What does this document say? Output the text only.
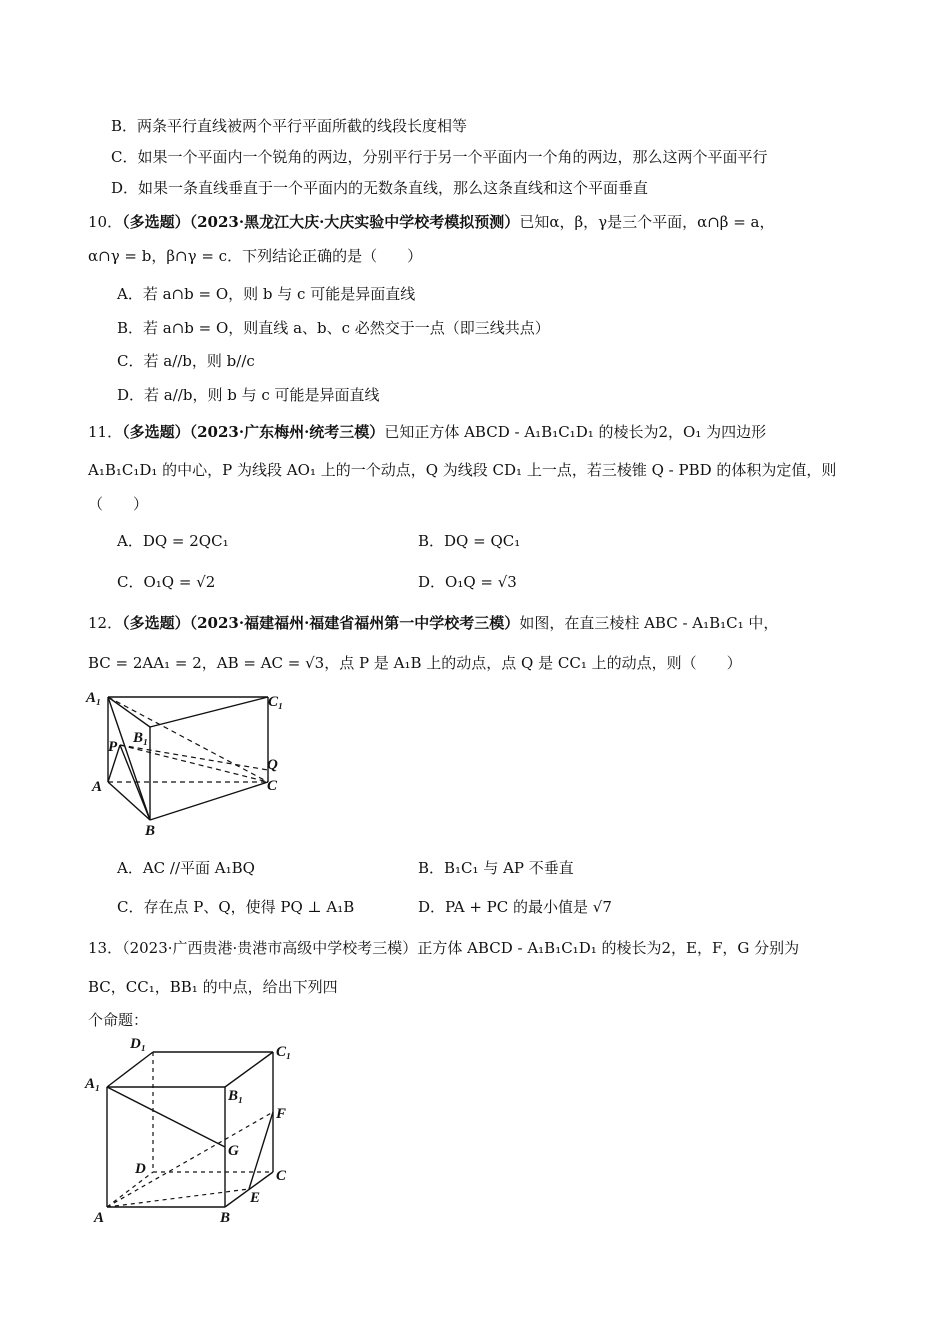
B．两条平行直线被两个平行平面所截的线段长度相等
C．如果一个平面内一个锐角的两边，分别平行于另一个平面内一个角的两边，那么这两个平面平行
D．如果一条直线垂直于一个平面内的无数条直线，那么这条直线和这个平面垂直
10．（多选题）（2023·黑龙江大庆·大庆实验中学校考模拟预测）已知α，β，γ是三个平面，α∩β = a，
α∩γ = b，β∩γ = c．下列结论正确的是（　　）
A．若 a∩b = O，则 b 与 c 可能是异面直线
B．若 a∩b = O，则直线 a、b、c 必然交于一点（即三线共点）
C．若 a//b，则 b//c
D．若 a//b，则 b 与 c 可能是异面直线
11．（多选题）（2023·广东梅州·统考三模）已知正方体 ABCD - A₁B₁C₁D₁ 的棱长为2，O₁ 为四边形
A₁B₁C₁D₁ 的中心，P 为线段 AO₁ 上的一个动点，Q 为线段 CD₁ 上一点，若三棱锥 Q - PBD 的体积为定值，则
（　　）
A．DQ = 2QC₁	B．DQ = QC₁
C．O₁Q = √2	D．O₁Q = √3
12．（多选题）（2023·福建福州·福建省福州第一中学校考三模）如图，在直三棱柱 ABC - A₁B₁C₁ 中，
BC = 2AA₁ = 2，AB = AC = √3，点 P 是 A₁B 上的动点，点 Q 是 CC₁ 上的动点，则（　　）
A₁	C₁
B₁
P
Q
A	C
B
A．AC //平面 A₁BQ	B．B₁C₁ 与 AP 不垂直
C．存在点 P、Q，使得 PQ ⊥ A₁B	D．PA + PC 的最小值是 √7
13．（2023·广西贵港·贵港市高级中学校考三模）正方体 ABCD - A₁B₁C₁D₁ 的棱长为2，E，F，G 分别为
BC，CC₁，BB₁ 的中点，给出下列四
个命题：
D₁	C₁
A₁
B₁
F
G
D	C
E
A	B
